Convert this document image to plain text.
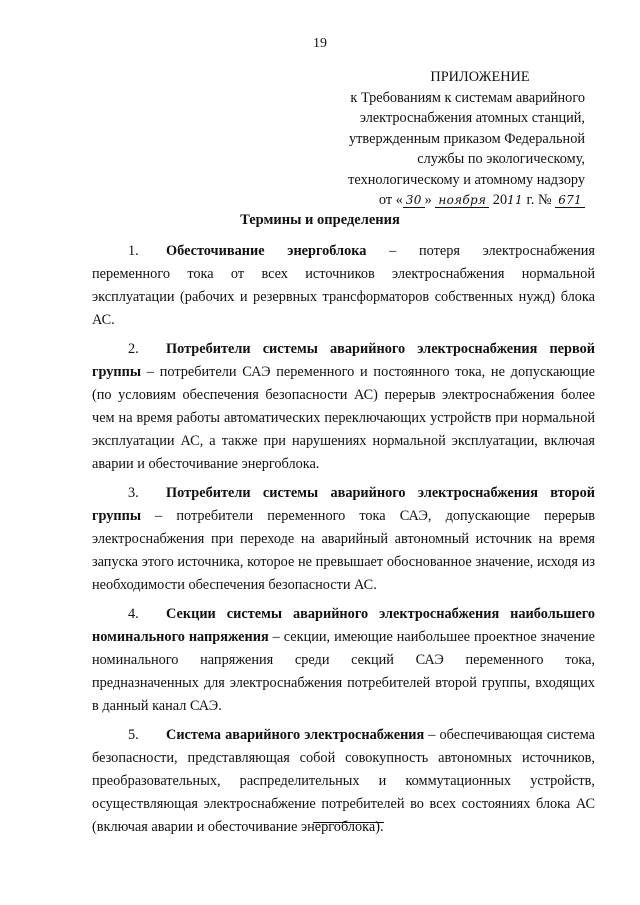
19
ПРИЛОЖЕНИЕ
к Требованиям к системам аварийного
электроснабжения атомных станций,
утвержденным приказом Федеральной
службы по экологическому,
технологическому и атомному надзору
от « 30 » ноября 2011 г. № 671
Термины и определения

1. Обесточивание энергоблока – потеря электроснабжения переменного тока от всех источников электроснабжения нормальной эксплуатации (рабочих и резервных трансформаторов собственных нужд) блока АС.

2. Потребители системы аварийного электроснабжения первой группы – потребители САЭ переменного и постоянного тока, не допускающие (по условиям обеспечения безопасности АС) перерыв электроснабжения более чем на время работы автоматических переключающих устройств при нормальной эксплуатации АС, а также при нарушениях нормальной эксплуатации, включая аварии и обесточивание энергоблока.

3. Потребители системы аварийного электроснабжения второй группы – потребители переменного тока САЭ, допускающие перерыв электроснабжения при переходе на аварийный автономный источник на время запуска этого источника, которое не превышает обоснованное значение, исходя из необходимости обеспечения безопасности АС.

4. Секции системы аварийного электроснабжения наибольшего номинального напряжения – секции, имеющие наибольшее проектное значение номинального напряжения среди секций САЭ переменного тока, предназначенных для электроснабжения потребителей второй группы, входящих в данный канал САЭ.

5. Система аварийного электроснабжения – обеспечивающая система безопасности, представляющая собой совокупность автономных источников, преобразовательных, распределительных и коммутационных устройств, осуществляющая электроснабжение потребителей во всех состояниях блока АС (включая аварии и обесточивание энергоблока).
